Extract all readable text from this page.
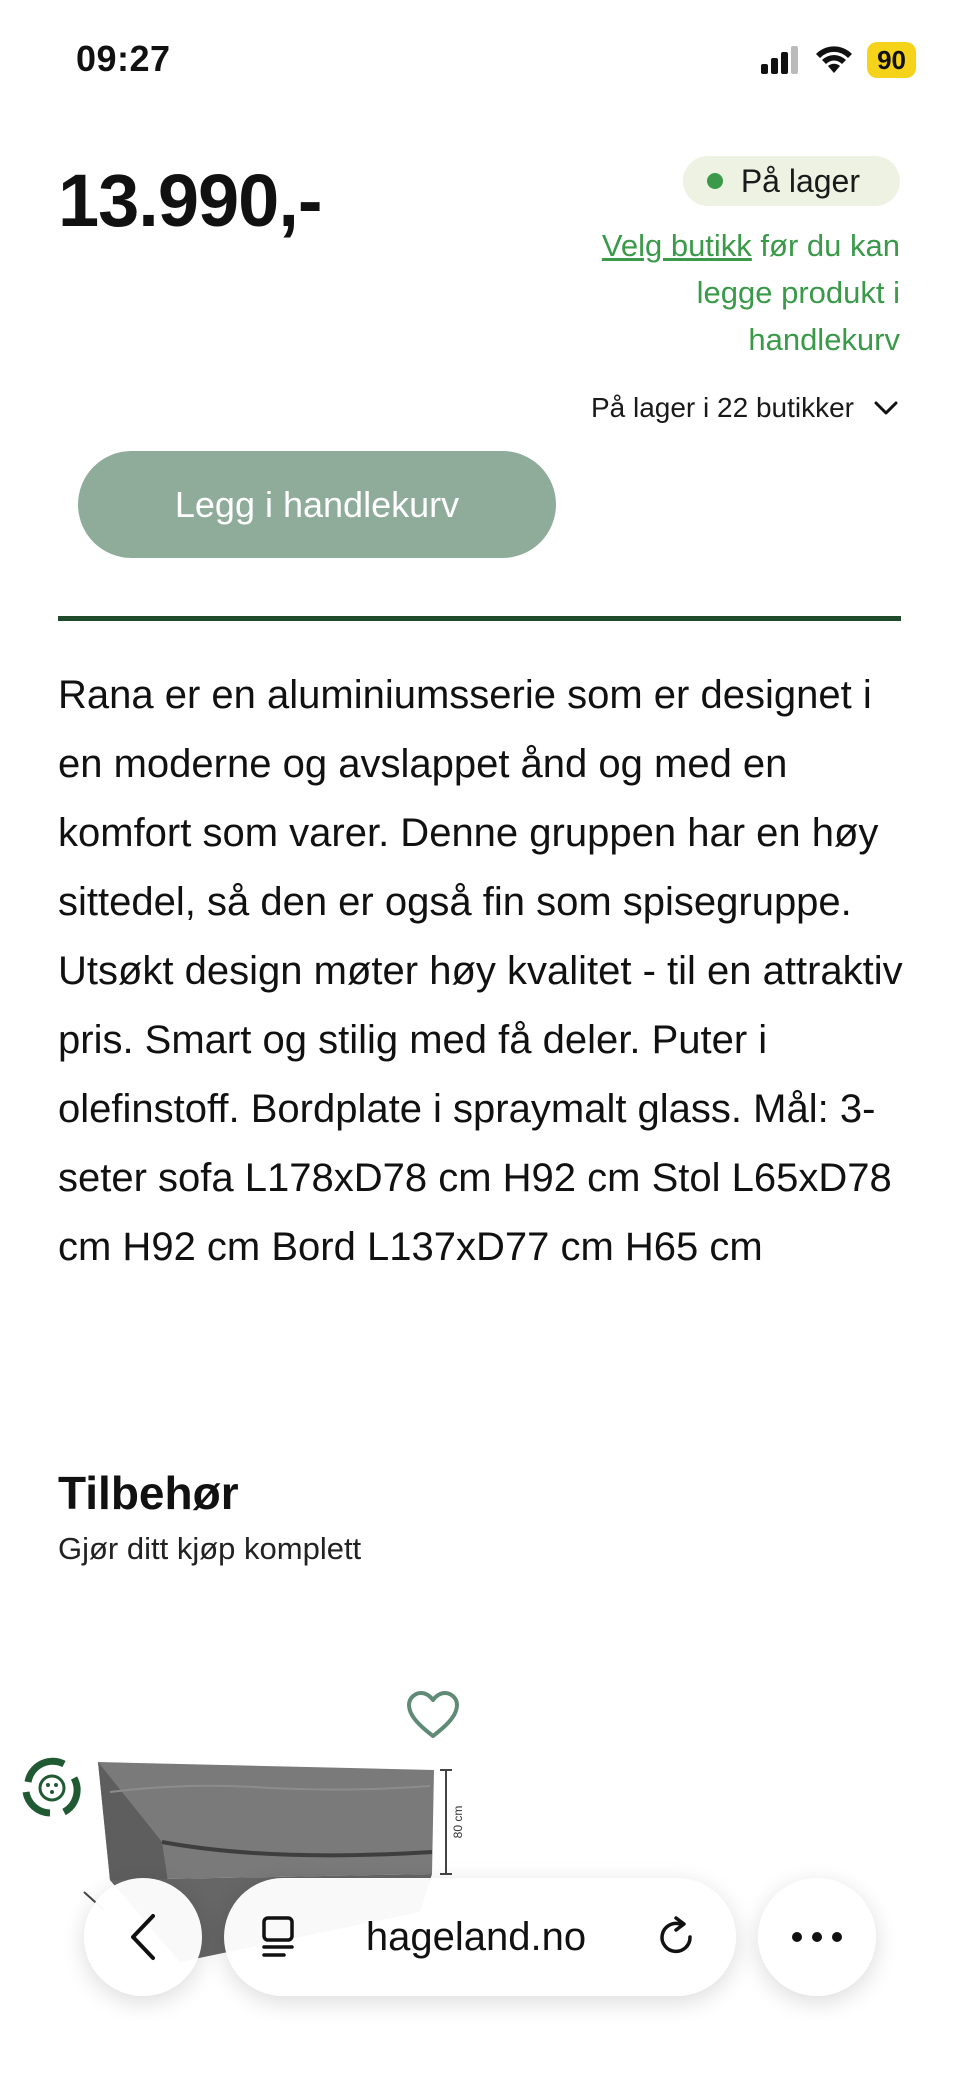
09:27	90
13.990,-	På lager
Velg butikk før du kan legge produkt i handlekurv
På lager i 22 butikker
Legg i handlekurv

Rana er en aluminiumsserie som er designet i en moderne og avslappet ånd og med en komfort som varer. Denne gruppen har en høy sittedel, så den er også fin som spisegruppe. Utsøkt design møter høy kvalitet - til en attraktiv pris. Smart og stilig med få deler. Puter i olefinstoff. Bordplate i spraymalt glass. Mål: 3-seter sofa L178xD78 cm H92 cm Stol L65xD78 cm H92 cm Bord L137xD77 cm H65 cm

Tilbehør
Gjør ditt kjøp komplett
80 cm
hageland.no
